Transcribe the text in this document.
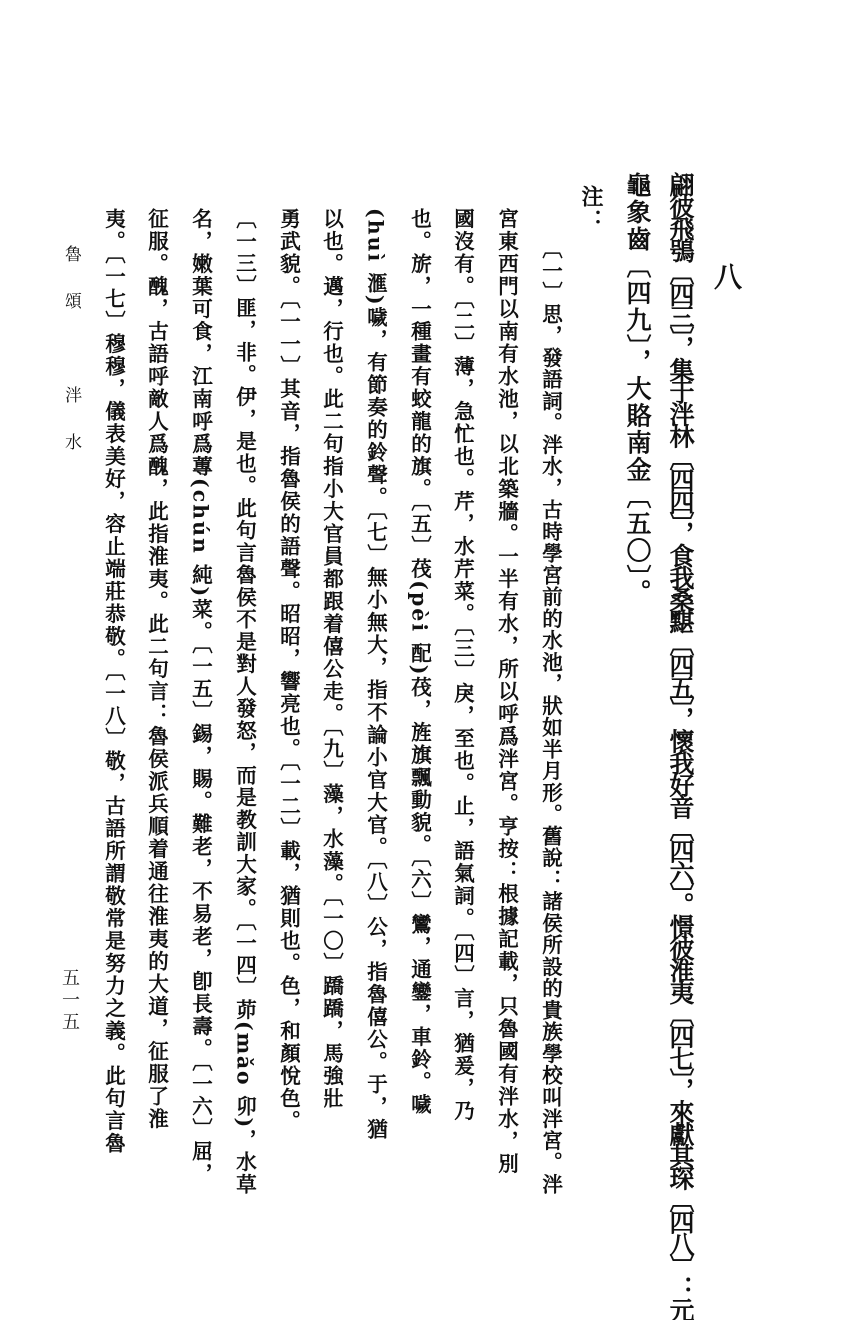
八
翩彼飛鴞〔四三〕，集于泮林〔四四〕，食我桑黮〔四五〕，懷我好音〔四六〕。憬彼淮夷〔四七〕，來獻其琛〔四八〕：元
龜象齒〔四九〕，大賂南金〔五〇〕。
注：
〔一〕思，發語詞。泮水，古時學宮前的水池，狀如半月形。舊說：諸侯所設的貴族學校叫泮宮。泮
宮東西門以南有水池，以北築牆。一半有水，所以呼爲泮宮。亨按：根據記載，只魯國有泮水，別
國沒有。〔二〕薄，急忙也。芹，水芹菜。〔三〕戾，至也。止，語氣詞。〔四〕言，猶爰，乃
也。旂，一種畫有蛟龍的旗。〔五〕茷(pèi 配)茷，旌旗飄動貌。〔六〕鸞，通鑾，車鈴。噦
(huì 滙)噦，有節奏的鈴聲。〔七〕無小無大，指不論小官大官。〔八〕公，指魯僖公。于，猶
以也。邁，行也。此二句指小大官員都跟着僖公走。〔九〕藻，水藻。〔一〇〕蹻蹻，馬強壯
勇武貌。〔一一〕其音，指魯侯的語聲。昭昭，響亮也。〔一二〕載，猶則也。色，和顏悅色。
〔一三〕匪，非。伊，是也。此句言魯侯不是對人發怒，而是教訓大家。〔一四〕茆(mǎo 卯)，水草
名，嫩葉可食，江南呼爲蓴(chún 純)菜。〔一五〕錫，賜。難老，不易老，卽長壽。〔一六〕屈，
征服。醜，古語呼敵人爲醜，此指淮夷。此二句言：魯侯派兵順着通往淮夷的大道，征服了淮
夷。〔一七〕穆穆，儀表美好，容止端莊恭敬。〔一八〕敬，古語所謂敬常是努力之義。此句言魯
魯頌　泮水
五一五
